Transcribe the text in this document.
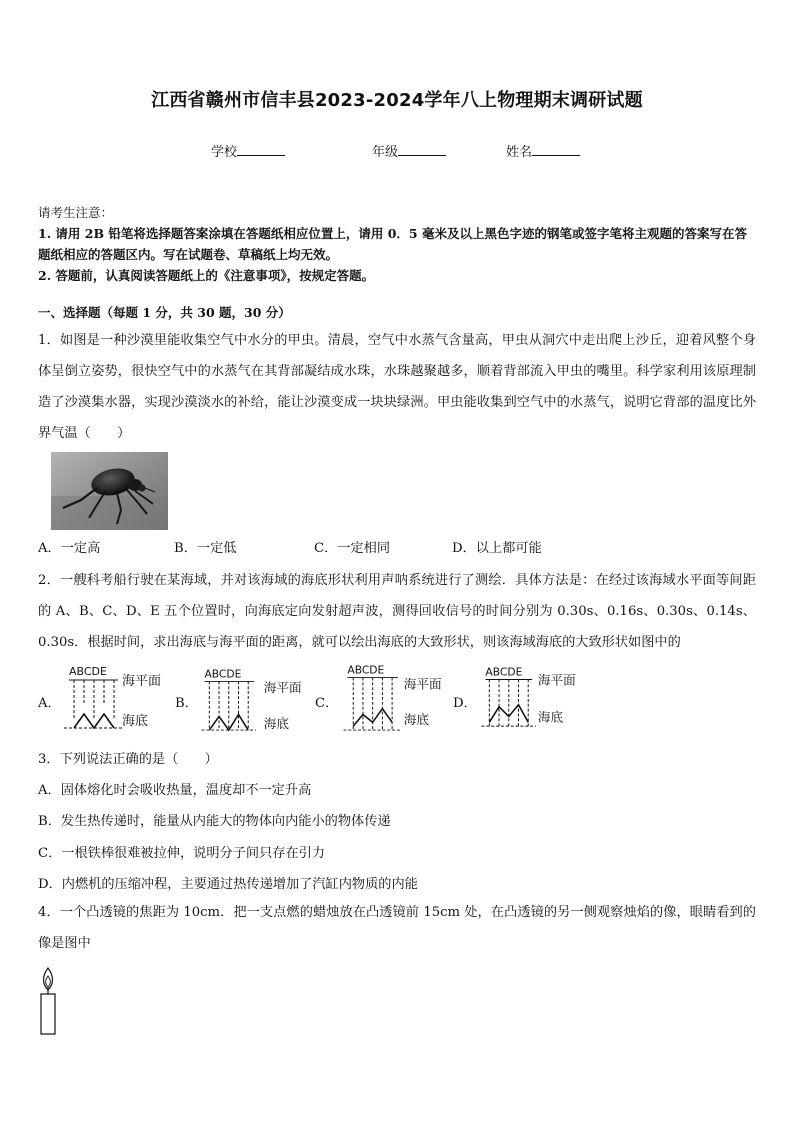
江西省赣州市信丰县2023-2024学年八上物理期末调研试题
学校	年级	姓名
请考生注意：
1. 请用 2B 铅笔将选择题答案涂填在答题纸相应位置上，请用 0．5 毫米及以上黑色字迹的钢笔或签字笔将主观题的答案写在答题纸相应的答题区内。写在试题卷、草稿纸上均无效。
2. 答题前，认真阅读答题纸上的《注意事项》，按规定答题。
一、选择题（每题 1 分，共 30 题，30 分）
1．如图是一种沙漠里能收集空气中水分的甲虫。清晨，空气中水蒸气含量高，甲虫从洞穴中走出爬上沙丘，迎着风整个身体呈倒立姿势，很快空气中的水蒸气在其背部凝结成水珠，水珠越聚越多，顺着背部流入甲虫的嘴里。科学家利用该原理制造了沙漠集水器，实现沙漠淡水的补给，能让沙漠变成一块块绿洲。甲虫能收集到空气中的水蒸气，说明它背部的温度比外界气温（　　）
A．一定高	B．一定低	C．一定相同	D．以上都可能
2．一艘科考船行驶在某海域，并对该海域的海底形状利用声呐系统进行了测绘．具体方法是：在经过该海域水平面等间距的 A、B、C、D、E 五个位置时，向海底定向发射超声波，测得回收信号的时间分别为 0.30s、0.16s、0.30s、0.14s、0.30s．根据时间，求出海底与海平面的距离，就可以绘出海底的大致形状，则该海域海底的大致形状如图中的
A．
ABCDE
海平面
海底
B．
ABCDE
海平面
海底
C．
ABCDE
海平面
海底
D．
ABCDE
海平面
海底
3．下列说法正确的是（　　）
A．固体熔化时会吸收热量，温度却不一定升高
B．发生热传递时，能量从内能大的物体向内能小的物体传递
C．一根铁棒很难被拉伸，说明分子间只存在引力
D．内燃机的压缩冲程，主要通过热传递增加了汽缸内物质的内能
4．一个凸透镜的焦距为 10cm．把一支点燃的蜡烛放在凸透镜前 15cm 处，在凸透镜的另一侧观察烛焰的像，眼睛看到的像是图中
